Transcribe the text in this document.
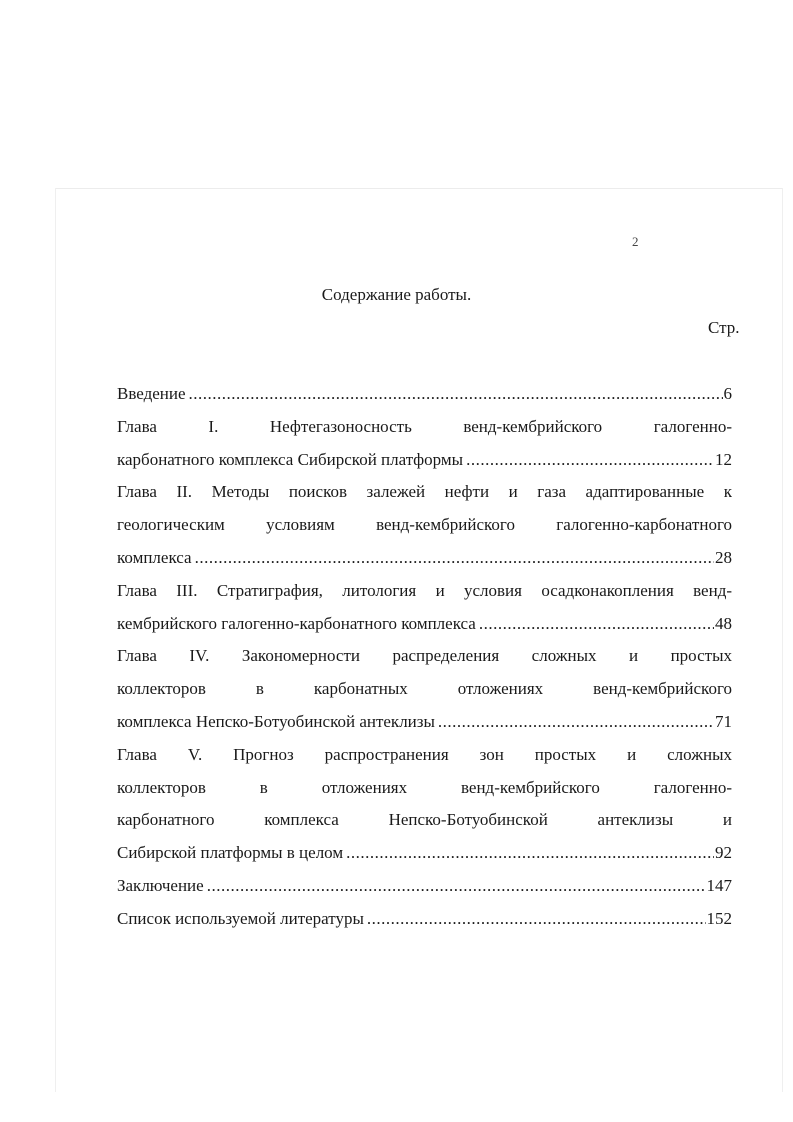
2
Содержание работы.
Стр.
Введение .....	6
Глава I. Нефтегазоносность венд-кембрийского галогенно-
карбонатного комплекса Сибирской платформы .....	12
Глава II. Методы поисков залежей нефти и газа адаптированные к
геологическим условиям венд-кембрийского галогенно-карбонатного
комплекса .....	28
Глава III. Стратиграфия, литология и условия осадконакопления венд-
кембрийского галогенно-карбонатного комплекса .....	48
Глава IV. Закономерности распределения сложных и простых
коллекторов в карбонатных отложениях венд-кембрийского
комплекса Непско-Ботуобинской антеклизы .....	71
Глава V. Прогноз распространения зон простых и сложных
коллекторов в отложениях венд-кембрийского галогенно-
карбонатного комплекса Непско-Ботуобинской антеклизы и
Сибирской платформы в целом .....	92
Заключение .....	147
Список используемой литературы .....	152
